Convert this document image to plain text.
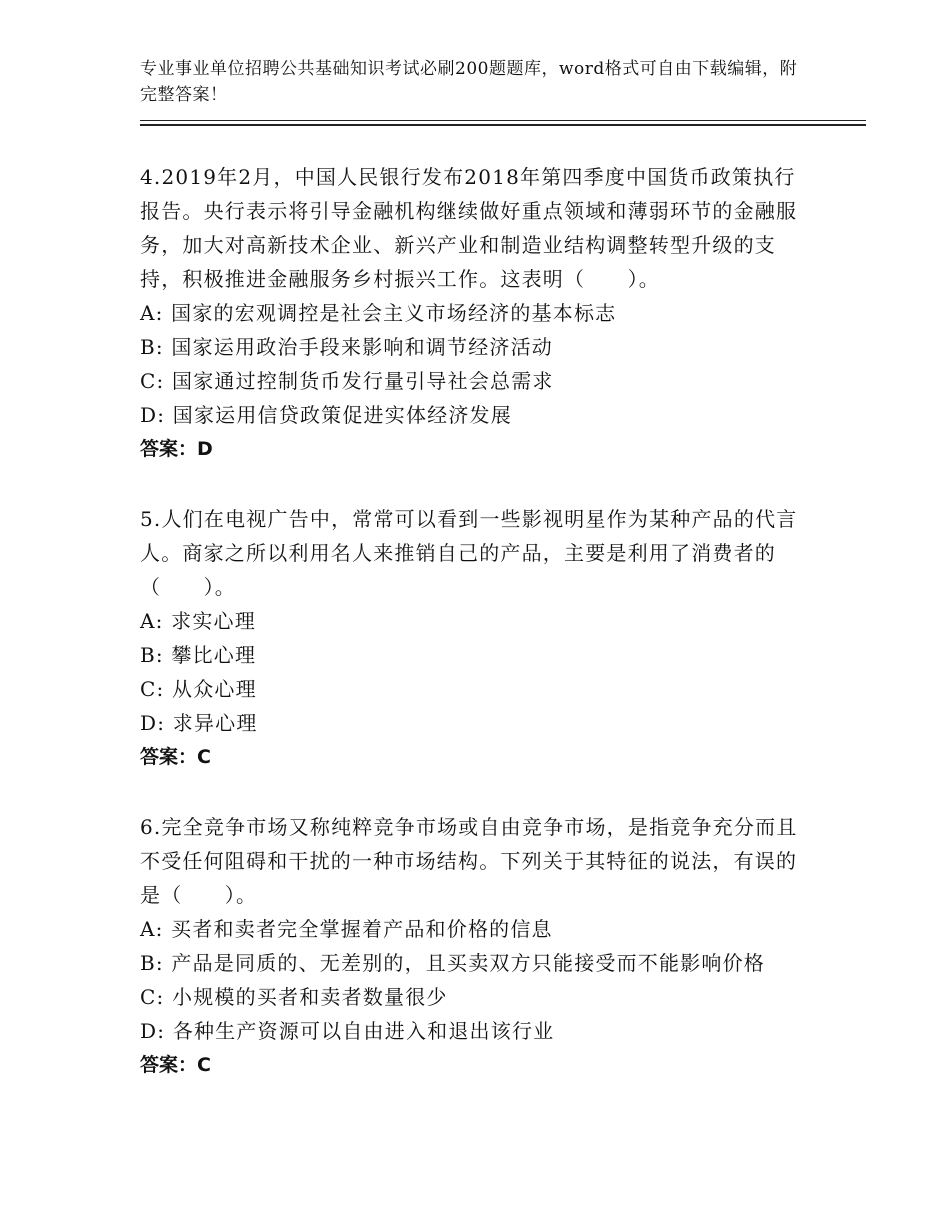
专业事业单位招聘公共基础知识考试必刷200题题库，word格式可自由下载编辑，附完整答案！
4.2019年2月，中国人民银行发布2018年第四季度中国货币政策执行报告。央行表示将引导金融机构继续做好重点领域和薄弱环节的金融服务，加大对高新技术企业、新兴产业和制造业结构调整转型升级的支持，积极推进金融服务乡村振兴工作。这表明（　　）。
A: 国家的宏观调控是社会主义市场经济的基本标志
B: 国家运用政治手段来影响和调节经济活动
C: 国家通过控制货币发行量引导社会总需求
D: 国家运用信贷政策促进实体经济发展
答案：D
5.人们在电视广告中，常常可以看到一些影视明星作为某种产品的代言人。商家之所以利用名人来推销自己的产品，主要是利用了消费者的（　　）。
A: 求实心理
B: 攀比心理
C: 从众心理
D: 求异心理
答案：C
6.完全竞争市场又称纯粹竞争市场或自由竞争市场，是指竞争充分而且不受任何阻碍和干扰的一种市场结构。下列关于其特征的说法，有误的是（　　）。
A: 买者和卖者完全掌握着产品和价格的信息
B: 产品是同质的、无差别的，且买卖双方只能接受而不能影响价格
C: 小规模的买者和卖者数量很少
D: 各种生产资源可以自由进入和退出该行业
答案：C
